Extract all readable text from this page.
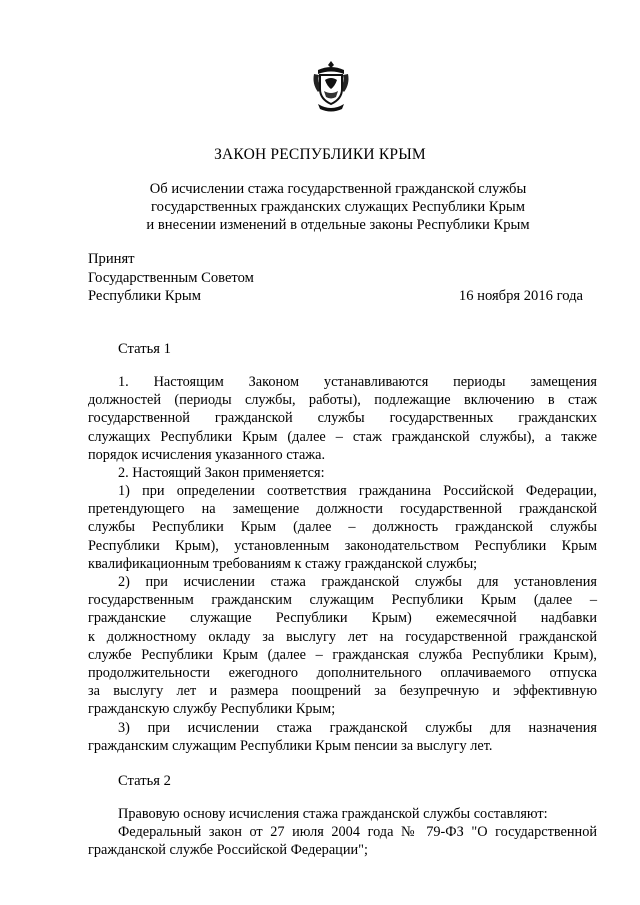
ЗАКОН РЕСПУБЛИКИ КРЫМ
Об исчислении стажа государственной гражданской службы
государственных гражданских служащих Республики Крым
и внесении изменений в отдельные законы Республики Крым
Принят
Государственным Советом
Республики Крым	16 ноября 2016 года
Статья 1
1. Настоящим Законом устанавливаются периоды замещения
должностей (периоды службы, работы), подлежащие включению в стаж
государственной гражданской службы государственных гражданских
служащих Республики Крым (далее – стаж гражданской службы), а также
порядок исчисления указанного стажа.
2. Настоящий Закон применяется:
1) при определении соответствия гражданина Российской Федерации,
претендующего на замещение должности государственной гражданской
службы Республики Крым (далее – должность гражданской службы
Республики Крым), установленным законодательством Республики Крым
квалификационным требованиям к стажу гражданской службы;
2) при исчислении стажа гражданской службы для установления
государственным гражданским служащим Республики Крым (далее –
гражданские служащие Республики Крым) ежемесячной надбавки
к должностному окладу за выслугу лет на государственной гражданской
службе Республики Крым (далее – гражданская служба Республики Крым),
продолжительности ежегодного дополнительного оплачиваемого отпуска
за выслугу лет и размера поощрений за безупречную и эффективную
гражданскую службу Республики Крым;
3) при исчислении стажа гражданской службы для назначения
гражданским служащим Республики Крым пенсии за выслугу лет.
Статья 2
Правовую основу исчисления стажа гражданской службы составляют:
Федеральный закон от 27 июля 2004 года № 79-ФЗ "О государственной
гражданской службе Российской Федерации";
